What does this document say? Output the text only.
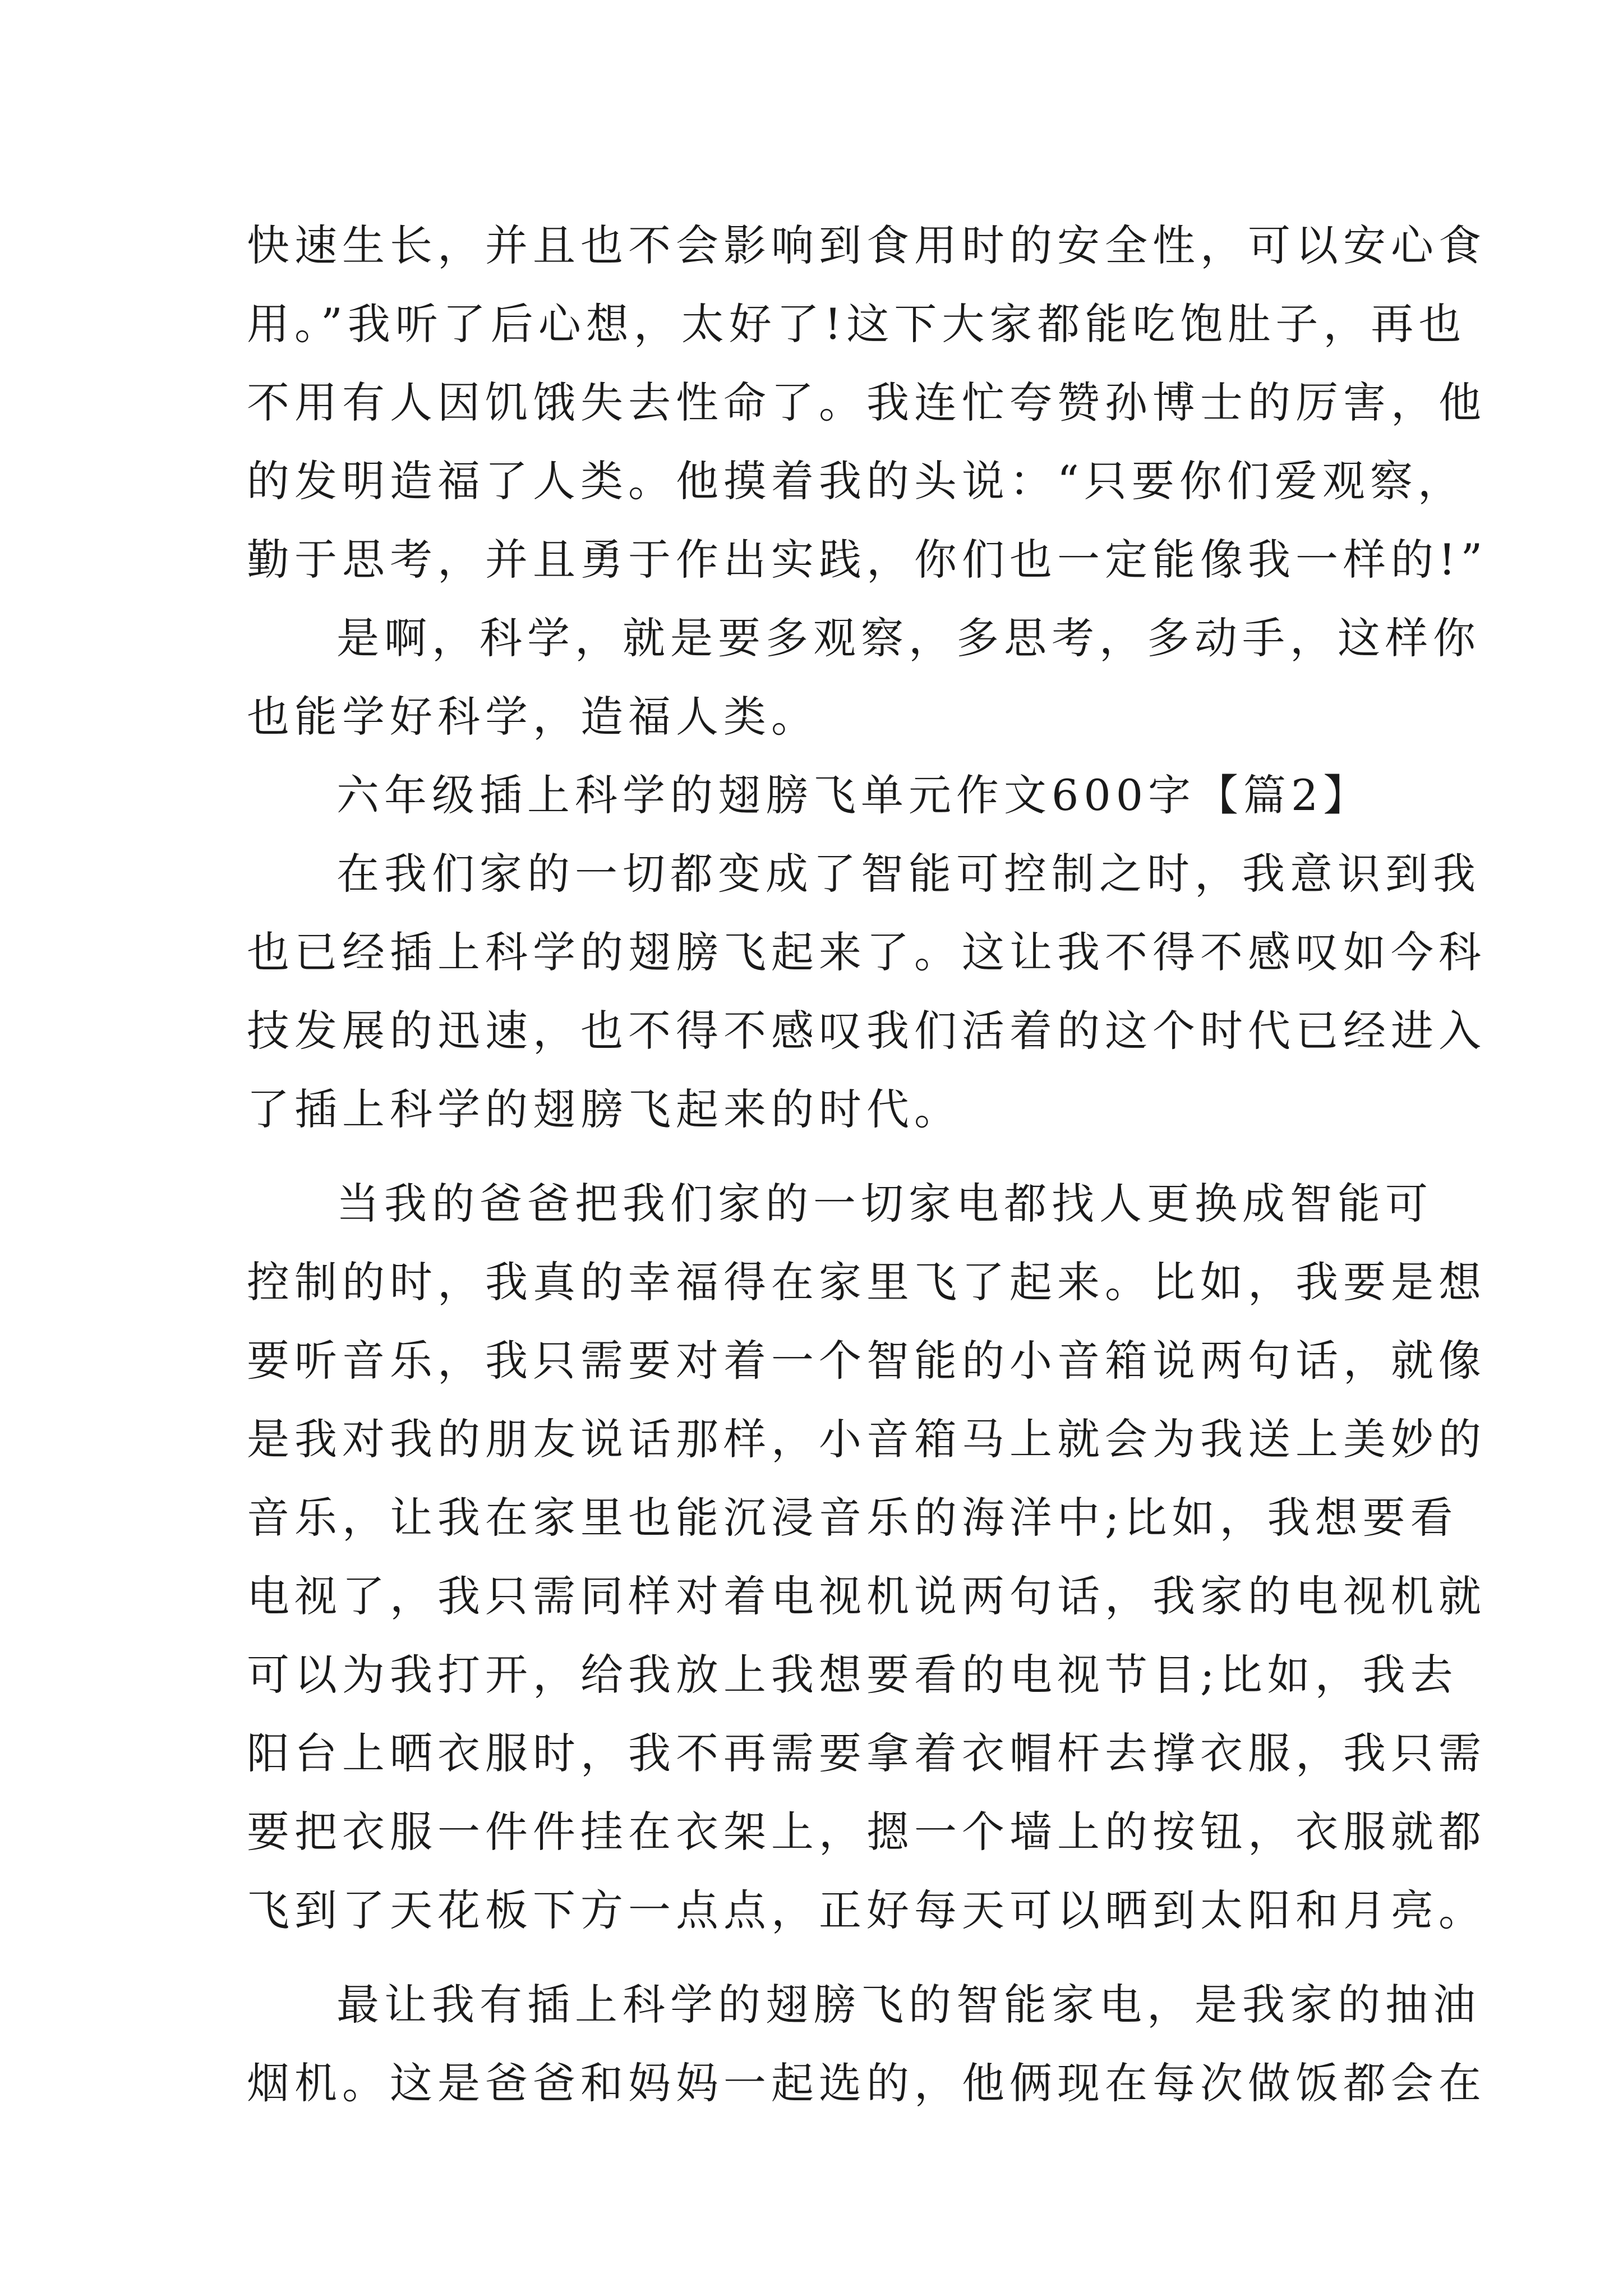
快速生长，并且也不会影响到食用时的安全性，可以安心食
用。”我听了后心想，太好了!这下大家都能吃饱肚子，再也
不用有人因饥饿失去性命了。我连忙夸赞孙博士的厉害，他
的发明造福了人类。他摸着我的头说：“只要你们爱观察，
勤于思考，并且勇于作出实践，你们也一定能像我一样的!”
是啊，科学，就是要多观察，多思考，多动手，这样你
也能学好科学，造福人类。
六年级插上科学的翅膀飞单元作文600字【篇2】
在我们家的一切都变成了智能可控制之时，我意识到我
也已经插上科学的翅膀飞起来了。这让我不得不感叹如今科
技发展的迅速，也不得不感叹我们活着的这个时代已经进入
了插上科学的翅膀飞起来的时代。
当我的爸爸把我们家的一切家电都找人更换成智能可
控制的时，我真的幸福得在家里飞了起来。比如，我要是想
要听音乐，我只需要对着一个智能的小音箱说两句话，就像
是我对我的朋友说话那样，小音箱马上就会为我送上美妙的
音乐，让我在家里也能沉浸音乐的海洋中;比如，我想要看
电视了，我只需同样对着电视机说两句话，我家的电视机就
可以为我打开，给我放上我想要看的电视节目;比如，我去
阳台上晒衣服时，我不再需要拿着衣帽杆去撑衣服，我只需
要把衣服一件件挂在衣架上，摁一个墙上的按钮，衣服就都
飞到了天花板下方一点点，正好每天可以晒到太阳和月亮。
最让我有插上科学的翅膀飞的智能家电，是我家的抽油
烟机。这是爸爸和妈妈一起选的，他俩现在每次做饭都会在
